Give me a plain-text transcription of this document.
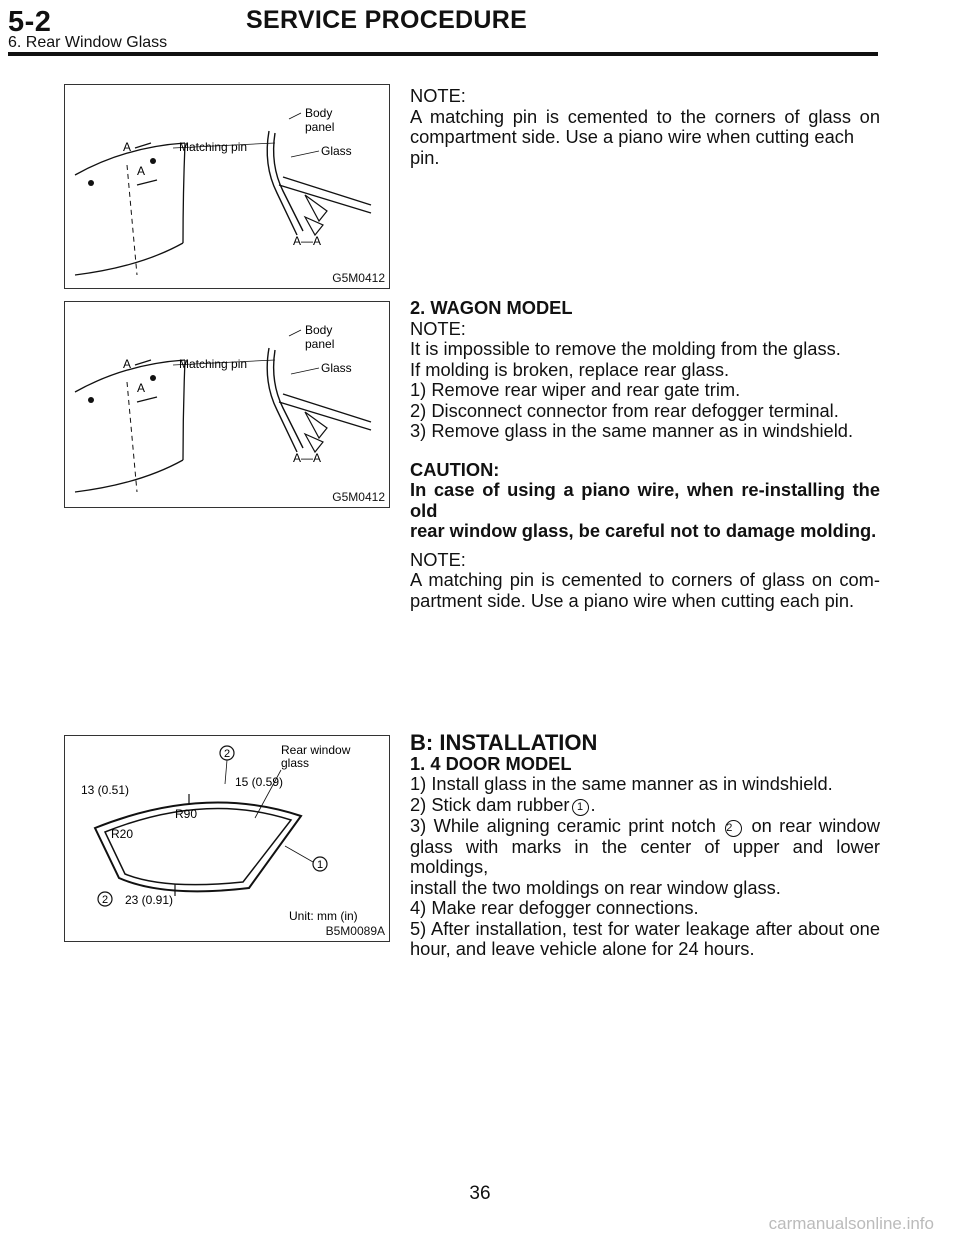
5-2	SERVICE PROCEDURE
6. Rear Window Glass
A
A
Matching pin
Body
panel
Glass
A—A
G5M0412
A
A
Matching pin
Body
panel
Glass
A—A
G5M0412
2	Rear window
glass
13 (0.51)
15 (0.59)
R90
R20
1
2 23 (0.91)
Unit: mm (in)
B5M0089A

NOTE:

A matching pin is cemented to the corners of glass on

compartment side. Use a piano wire when cutting each pin.

2. WAGON MODEL

NOTE:

It is impossible to remove the molding from the glass.

If molding is broken, replace rear glass.

1) Remove rear wiper and rear gate trim.

2) Disconnect connector from rear defogger terminal.

3) Remove glass in the same manner as in windshield.

CAUTION:

In case of using a piano wire, when re-installing the old

rear window glass, be careful not to damage molding.

NOTE:

A matching pin is cemented to corners of glass on com-

partment side. Use a piano wire when cutting each pin.

B: INSTALLATION

1. 4 DOOR MODEL

1) Install glass in the same manner as in windshield.

2) Stick dam rubber 1 .

3) While aligning ceramic print notch 2 on rear window

glass with marks in the center of upper and lower moldings,

install the two moldings on rear window glass.

4) Make rear defogger connections.

5) After installation, test for water leakage after about one

hour, and leave vehicle alone for 24 hours.

36
carmanualsonline.info
